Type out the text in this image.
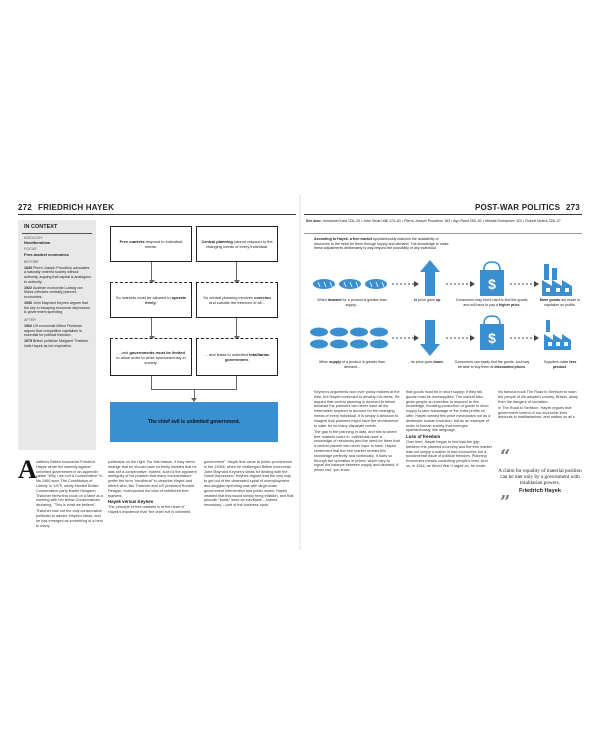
272 FRIEDRICH HAYEK	POST-WAR POLITICS 273
IN CONTEXT
IDEOLOGY
Neoliberalism
FOCUS
Free-market economics
BEFORE
1840 Pierre-Joseph Proudhon advocates a naturally ordered society without authority, arguing that capital is analogous to authority.
1922 Austrian economist Ludwig von Mises criticizes centrally planned economies.
1936 John Maynard Keynes argues that the key to escaping economic depression is government spending.
AFTER
1962 US economist Milton Friedman argues that competitive capitalism is essential for political freedom.
1975 British politician Margaret Thatcher hails Hayek as her inspiration.
Free markets respond to individual needs.
So markets must be allowed to operate freely.
... and governments must be limited to allow order to arise spontaneously in society.
Central planning cannot respond to the changing needs of every individual.
So central planning involves coercion and curtails the freedom of all...
... and leads to unlimited totalitarian government.
The chief evil is unlimited government.
A uattines British economist Friedrich Hayek wrote his warning against unlimited government in an appendix called "Why I am not a Conservative" in his 1960 work The Constitution of Liberty. In 1975, newly elected British Conservative party leader Margaret Thatcher threw this book on a table at a meeting with her fellow Conservatives declaring, "This is what we believe".

Thatcher was not the only conservative politician to admire Hayek's ideas, and he has emerged as something of a hero to many

politicians on the right. For this reason, it may seem strange that he should have so firmly insisted that he was not a conservative. Indeed, such is the apparent ambiguity of his position that many commentators prefer the term "neoliberal" to describe Hayek and others who, like Thatcher and US president Ronald Reagan, championed the idea of unfettered free markets.

Hayek versus Keynes

The principle of free markets is at the heart of Hayek's insistence that "the chief evil is unlimited

government". Hayek first came to public prominence in the 1930s, when he challenged British economist John Maynard Keynes's ideas for dealing with the Great Depression. Keynes argued that the only way to get out of the downward spiral of unemployment and sluggish spending was with large-scale government intervention and public works. Hayek insisted that this would simply bring inflation, and that periodic "busts" were an inevitable – indeed necessary – part of the business cycle.

See also: Immanuel Kant 126–29 • John Stuart Mill 174–81 • Pierre-Joseph Proudhon 183 • Ayn Rand 280–81 • Mikhail Gorbachev 322 • Robert Nozick 326–27
According to Hayek, a free market spontaneously matches the availability of resources to the need for them through supply and demand. The knowledge to make these adjustments deliberately is way beyond the possibility of any individual.
$
$
When demand for a product is greater than supply...
...its price goes up.	Consumers may find it hard to find the goods, and will have to pay a higher price.
More goods are made to capitalize on profits.
When supply of a product is greater than demand...
...its price goes down.	Consumers can easily find the goods, and may be able to buy them at discounted prices.
Suppliers make less product.

Keynes's arguments won over policy makers at the time, but Hayek continued to develop his ideas. He argued that central planning is doomed to failure because the planners can never have all the information required to account for the changing needs of every individual. It is simply a delusion to imagine that planners might have the omniscience to cater for so many disparate needs.

The gap in the planning in data, and this is where free markets come in. Individuals have a knowledge of resources and the need for them that a central planner can never hope to have. Hayek contended that the free market reveals this knowledge perfectly and continually. It does so through the operation of prices, which vary to signal the balance between supply and demand. If prices rise, you know

that goods must be in short supply; if they fall, goods must be oversupplied. The market also gives people an incentive to respond to this knowledge, boosting production of goods in short supply to take advantage of the extra profits on offer. Hayek viewed this price mechanism not as a deliberate human invention, but as an example of order in human society that emerges spontaneously, like language.

Loss of freedom

Over time, Hayek began to feel that the gap between the planned economy and the free market was not simply a matter of bad economics but a fundamental issue of political freedom. Planning economies means controlling people's lives. And so, in 1944, as World War II raged on, he wrote

his famous book The Road to Serfdom to warn the people of his adopted country, Britain, away from the dangers of socialism.

In The Road to Serfdom, Hayek argues that government control of our economic lives amounts to totalitarianism, and makes us all s

“
A claim for equality of material position can be met only by a government with totalitarian powers.
Friedrich Hayek
”
